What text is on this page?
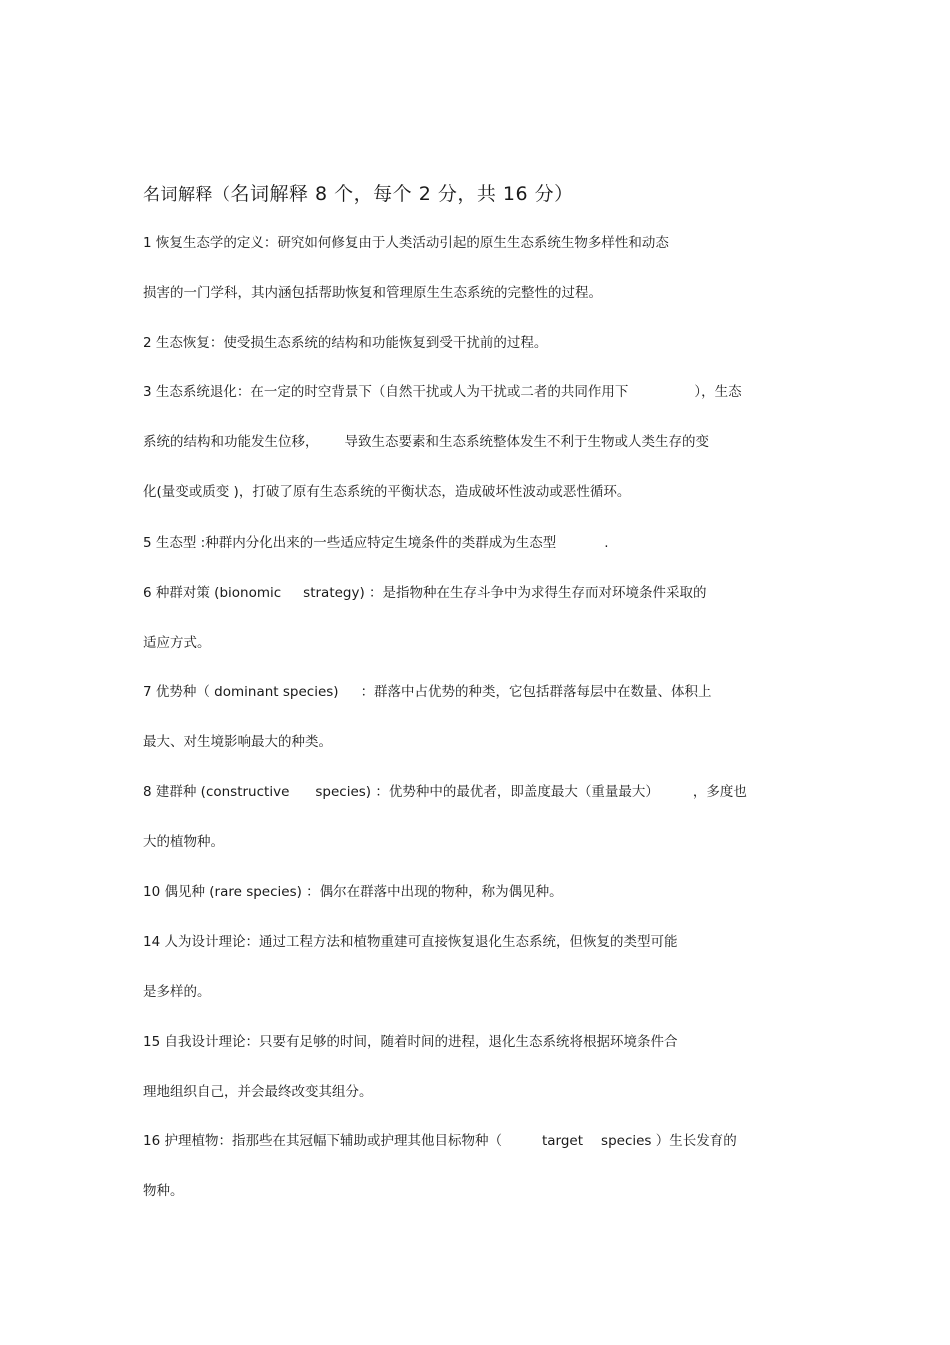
名词解释（名词解释 8 个，每个 2 分，共 16 分）
1 恢复生态学的定义：研究如何修复由于人类活动引起的原生生态系统生物多样性和动态
损害的一门学科，其内涵包括帮助恢复和管理原生生态系统的完整性的过程。
2 生态恢复：使受损生态系统的结构和功能恢复到受干扰前的过程。
3 生态系统退化：在一定的时空背景下（自然干扰或人为干扰或二者的共同作用下	），生态
系统的结构和功能发生位移， 导致生态要素和生态系统整体发生不利于生物或人类生存的变
化(量变或质变 )，打破了原有生态系统的平衡状态，造成破坏性波动或恶性循环。
5 生态型 :种群内分化出来的一些适应特定生境条件的类群成为生态型	.
6 种群对策 (bionomic strategy) ：是指物种在生存斗争中为求得生存而对环境条件采取的
适应方式。
7 优势种（ dominant species) ：群落中占优势的种类，它包括群落每层中在数量、体积上
最大、对生境影响最大的种类。
8 建群种 (constructive species) ：优势种中的最优者，即盖度最大（重量最大）	，多度也
大的植物种。
10 偶见种 (rare species) ：偶尔在群落中出现的物种，称为偶见种。
14 人为设计理论：通过工程方法和植物重建可直接恢复退化生态系统，但恢复的类型可能
是多样的。
15 自我设计理论：只要有足够的时间，随着时间的进程，退化生态系统将根据环境条件合
理地组织自己，并会最终改变其组分。
16 护理植物：指那些在其冠幅下辅助或护理其他目标物种（	target species ）生长发育的
物种。
